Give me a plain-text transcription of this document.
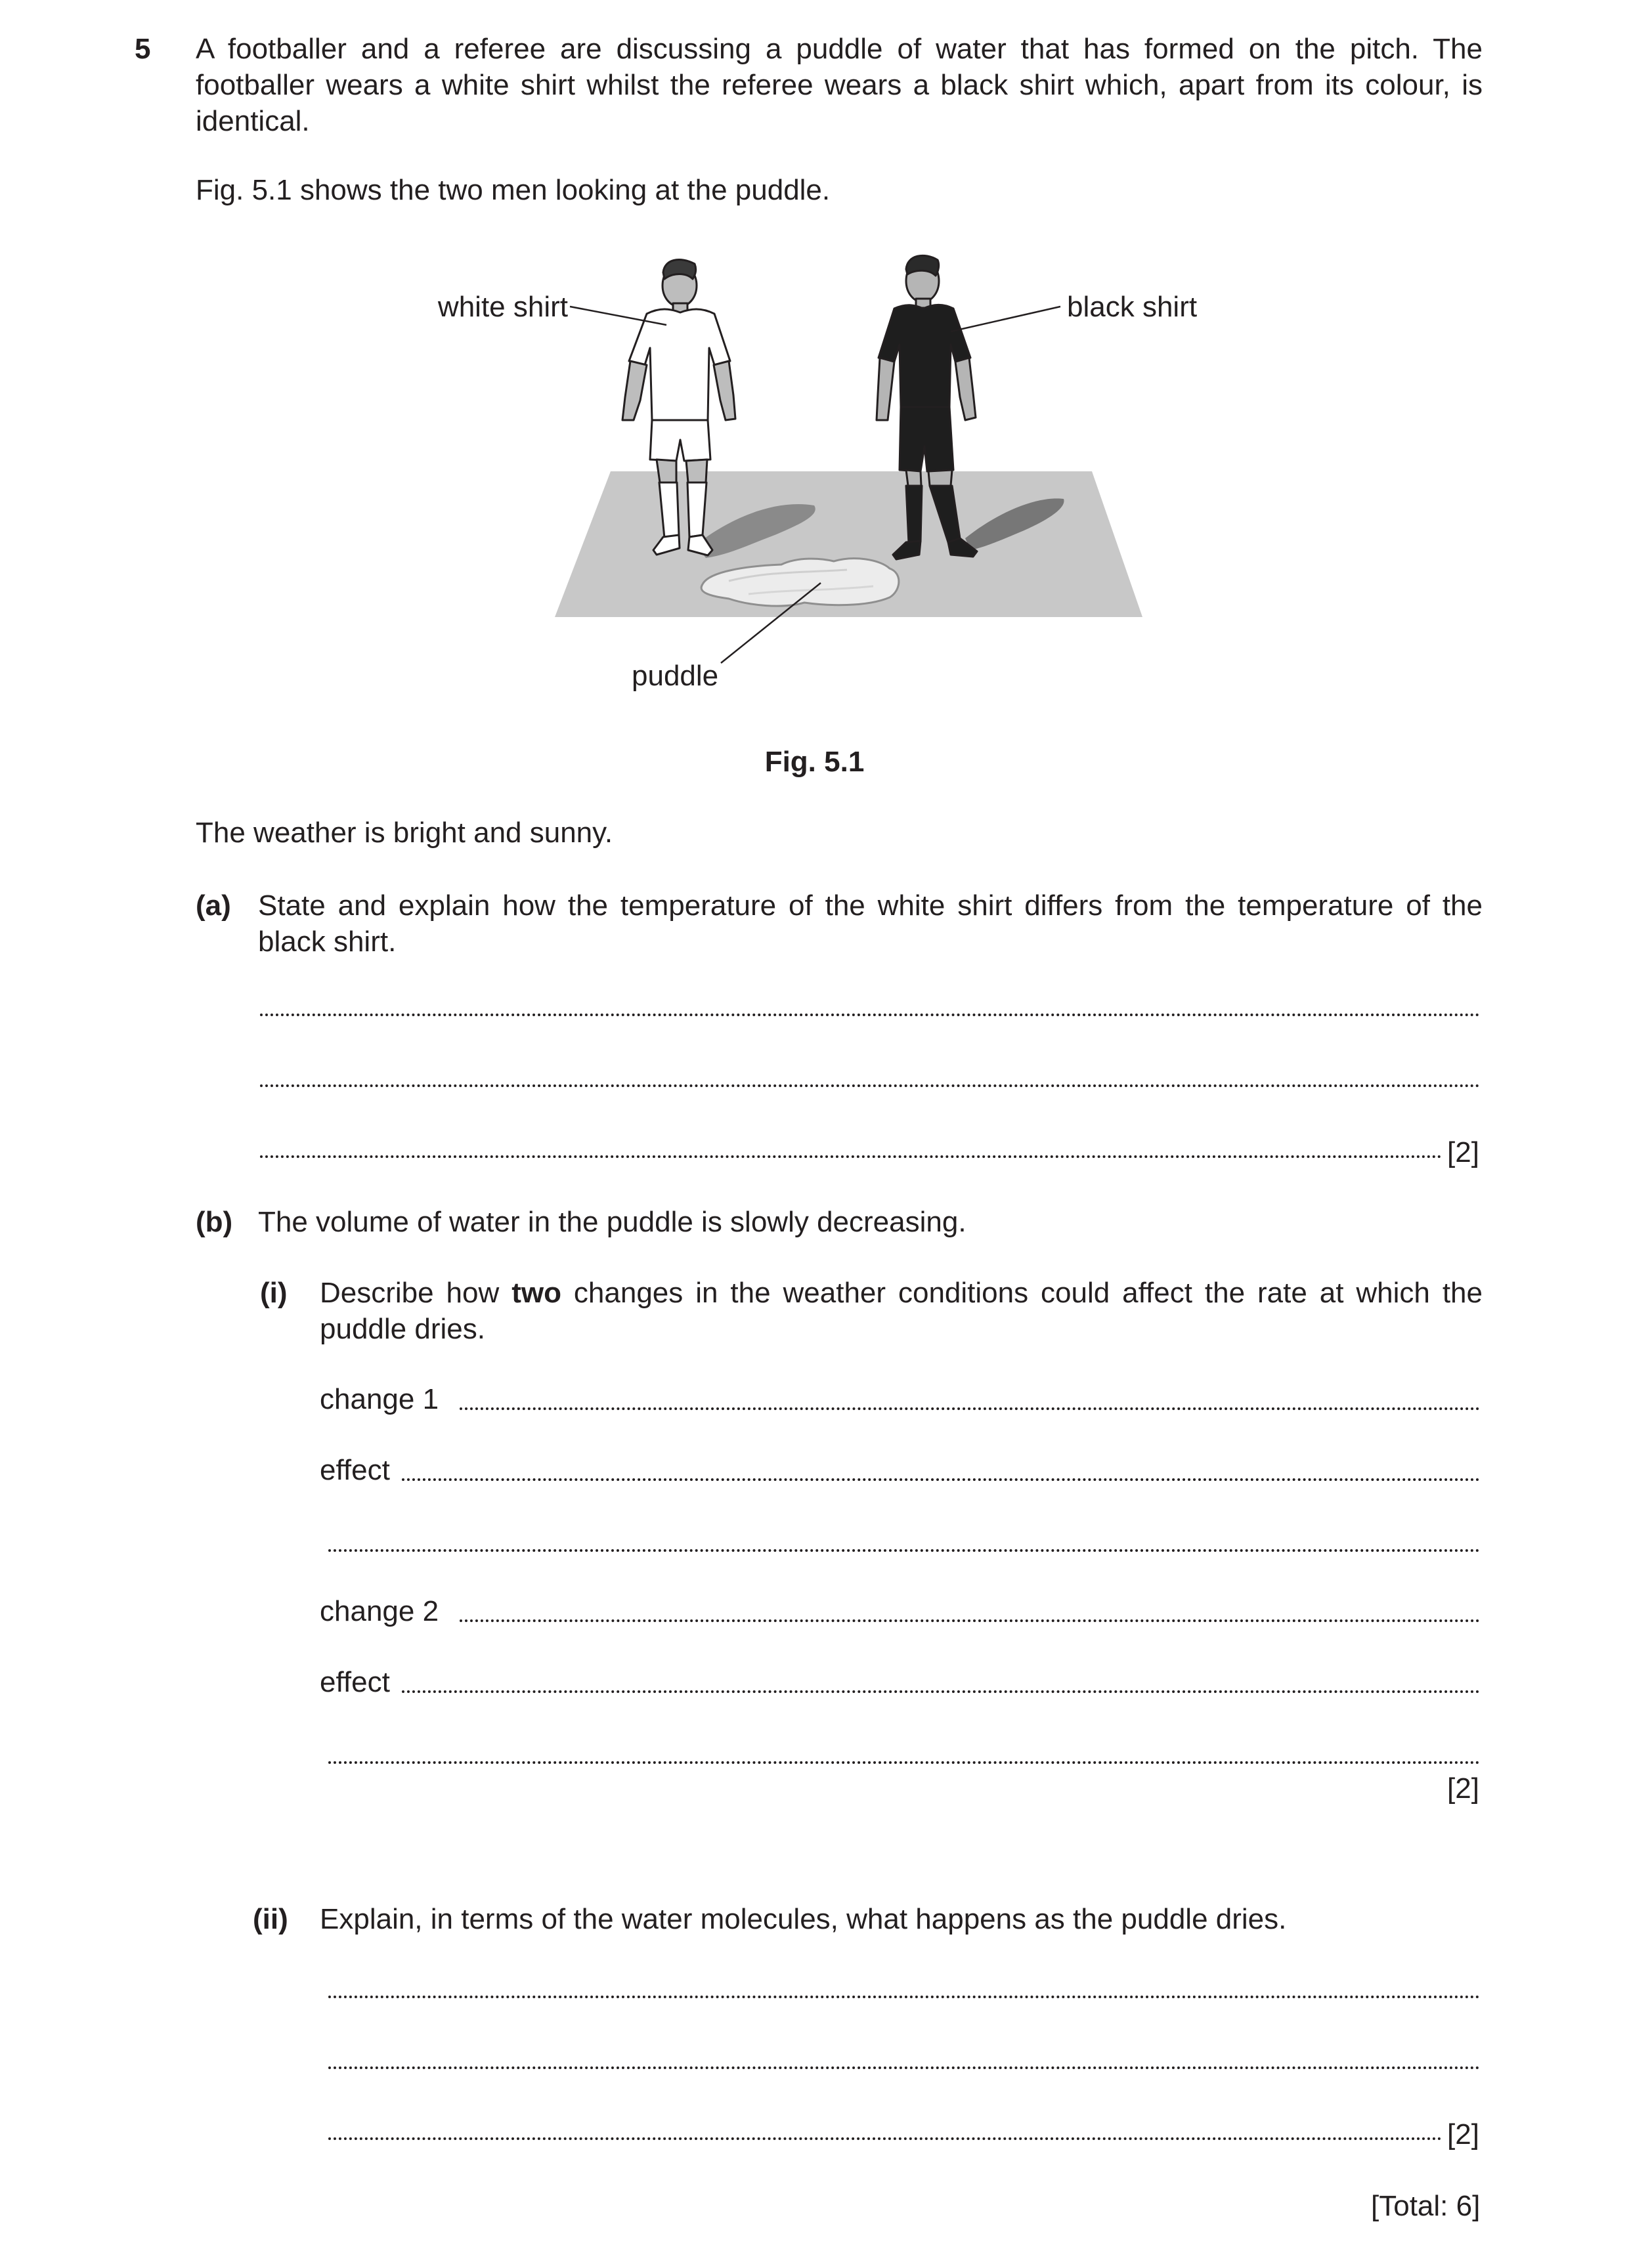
5 A footballer and a referee are discussing a puddle of water that has formed on the pitch. The footballer wears a white shirt whilst the referee wears a black shirt which, apart from its colour, is identical.
Fig. 5.1 shows the two men looking at the puddle.
white shirt	black shirt
puddle
Fig. 5.1
The weather is bright and sunny.
(a) State and explain how the temperature of the white shirt differs from the temperature of the black shirt.
[2]
(b) The volume of water in the puddle is slowly decreasing.
(i) Describe how two changes in the weather conditions could affect the rate at which the puddle dries.
change 1
effect
change 2
effect
[2]
(ii) Explain, in terms of the water molecules, what happens as the puddle dries.
[2]
[Total: 6]
